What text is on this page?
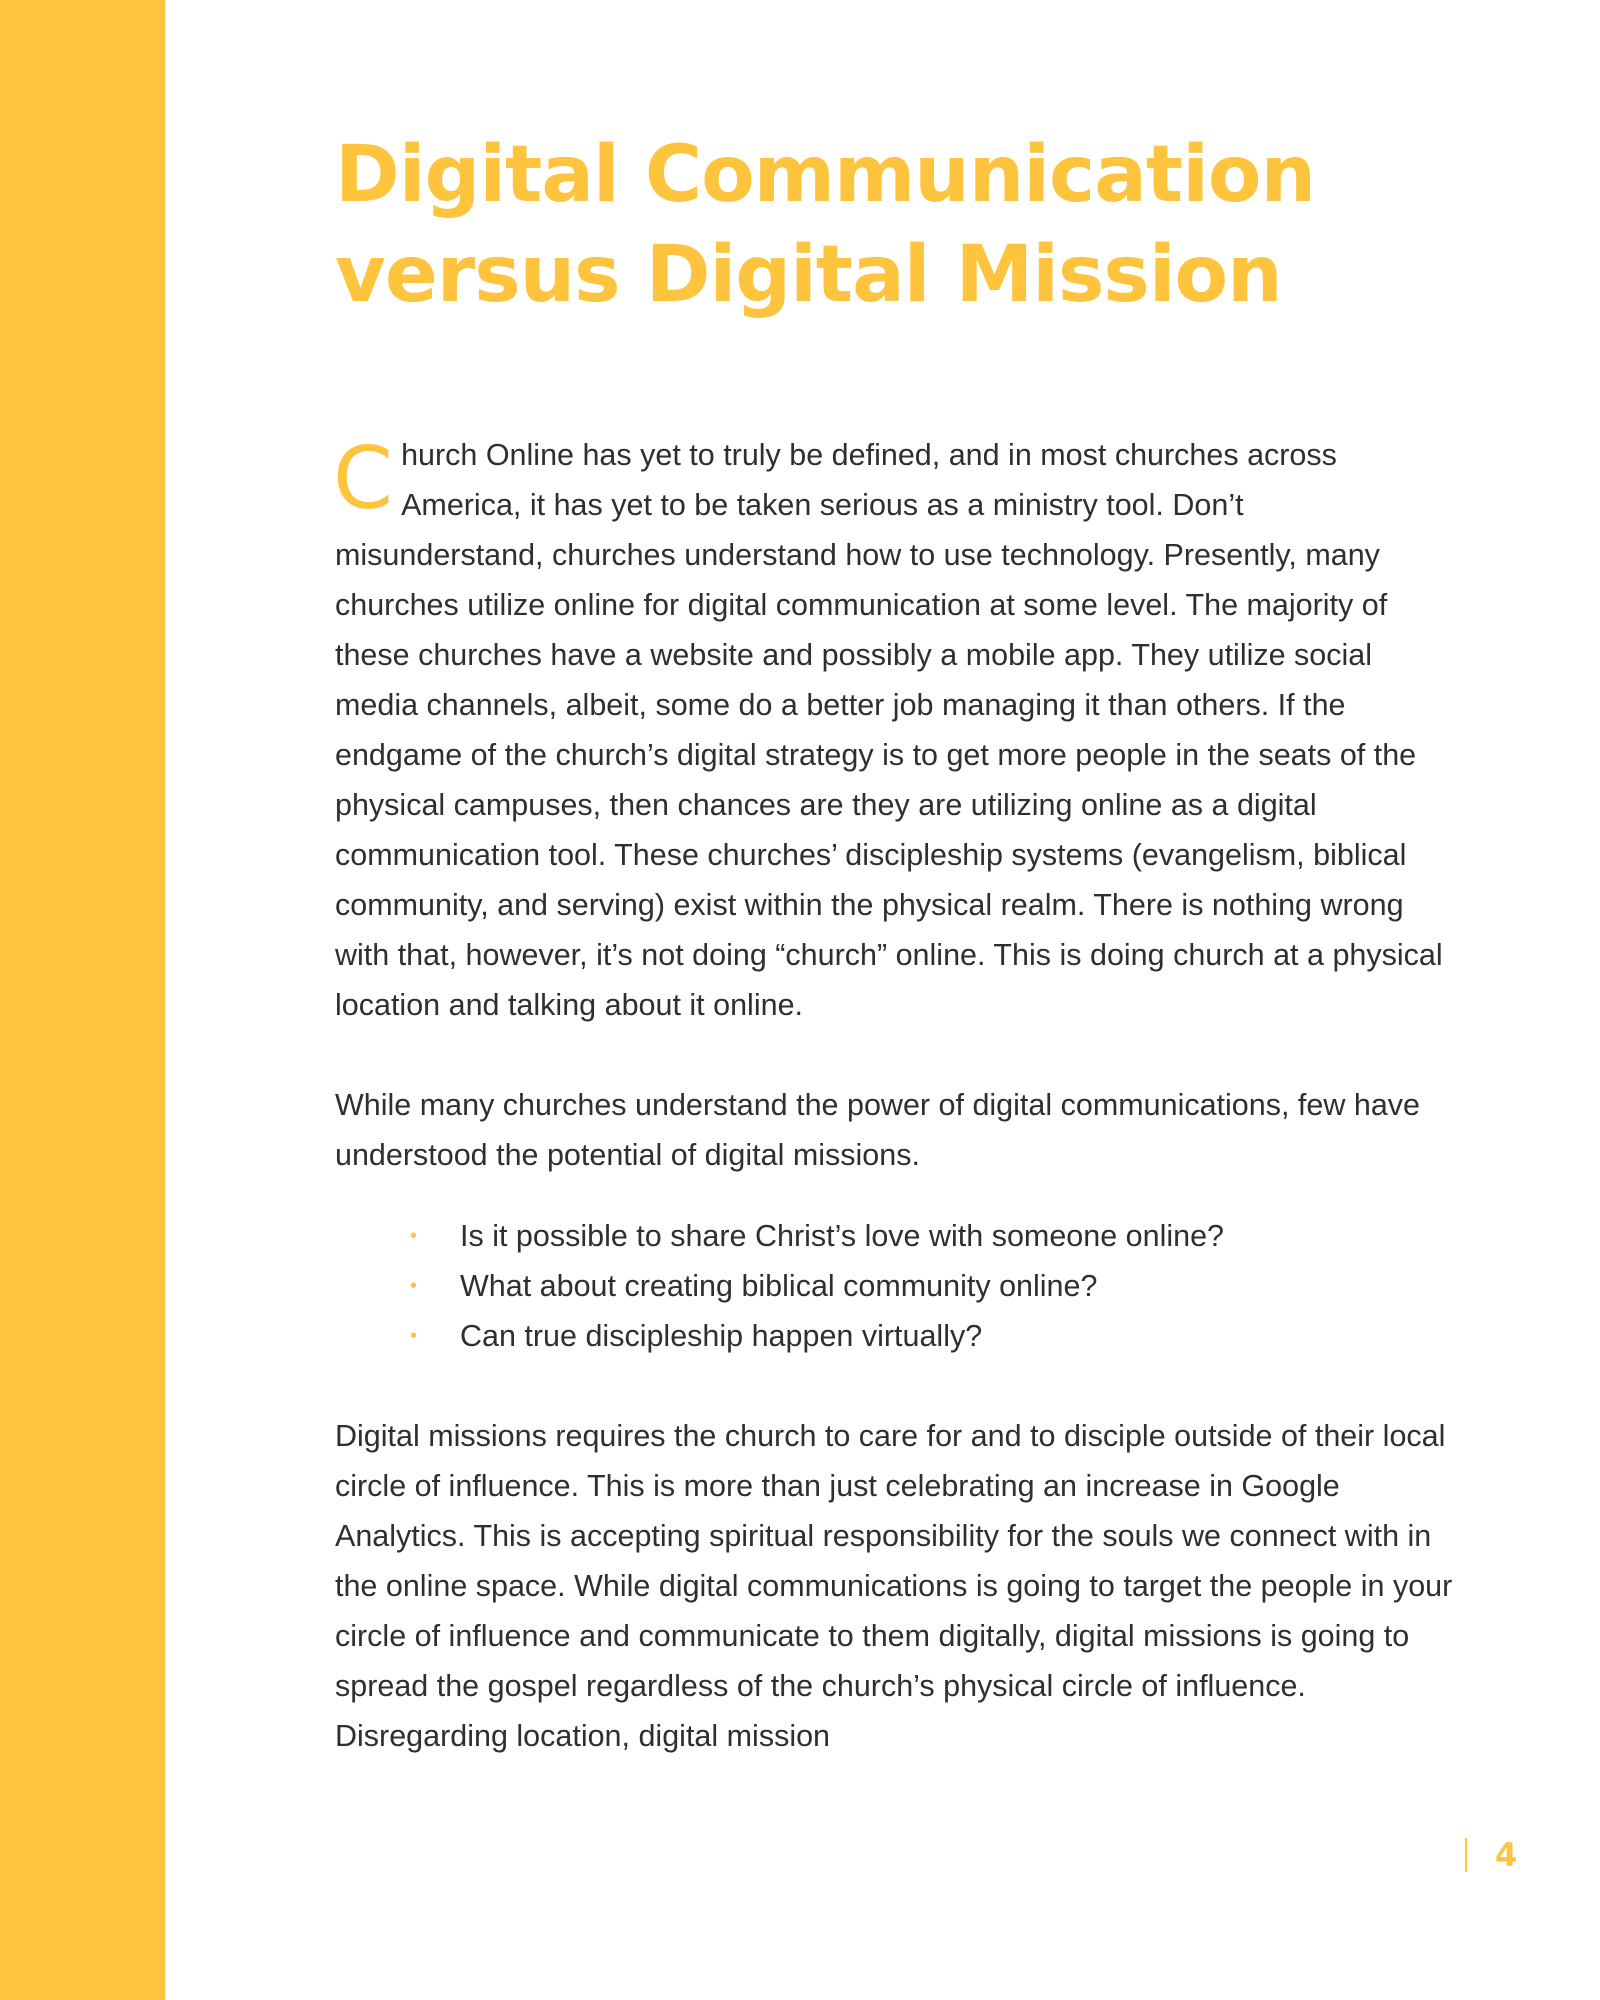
Digital Communication
versus Digital Mission

Church Online has yet to truly be defined, and in most churches across America, it has yet to be taken serious as a ministry tool. Don’t misunderstand, churches understand how to use technology. Presently, many churches utilize online for digital communication at some level. The majority of these churches have a website and possibly a mobile app. They utilize social media channels, albeit, some do a better job managing it than others. If the endgame of the church’s digital strategy is to get more people in the seats of the physical campuses, then chances are they are utilizing online as a digital communication tool. These churches’ discipleship systems (evangelism, biblical community, and serving) exist within the physical realm. There is nothing wrong with that, however, it’s not doing “church” online. This is doing church at a physical location and talking about it online.

While many churches understand the power of digital communications, few have understood the potential of digital missions.

• Is it possible to share Christ’s love with someone online?
• What about creating biblical community online?
• Can true discipleship happen virtually?

Digital missions requires the church to care for and to disciple outside of their local circle of influence. This is more than just celebrating an increase in Google Analytics. This is accepting spiritual responsibility for the souls we connect with in the online space. While digital communications is going to target the people in your circle of influence and communicate to them digitally, digital missions is going to spread the gospel regardless of the church’s physical circle of influence. Disregarding location, digital mission

4
